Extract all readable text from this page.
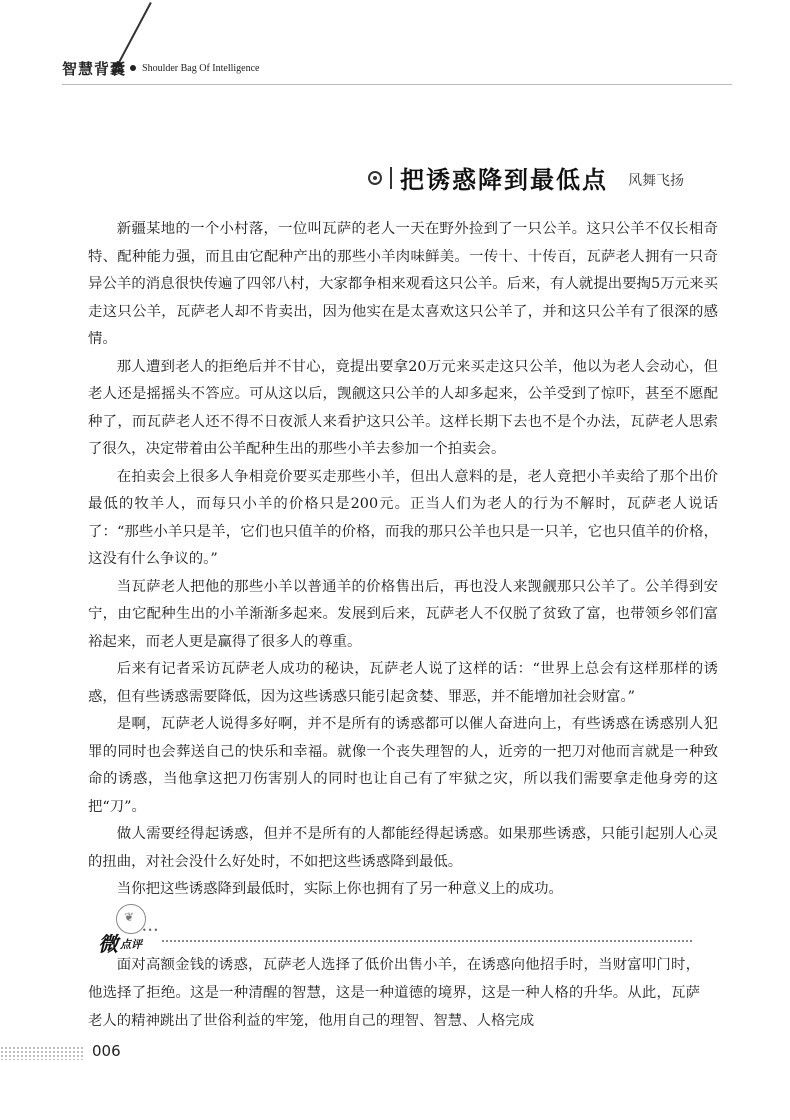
智慧背囊 Shoulder Bag Of Intelligence
把诱惑降到最低点 风舞飞扬

新疆某地的一个小村落，一位叫瓦萨的老人一天在野外捡到了一只公羊。这只公羊不仅长相奇特、配种能力强，而且由它配种产出的那些小羊肉味鲜美。一传十、十传百，瓦萨老人拥有一只奇异公羊的消息很快传遍了四邻八村，大家都争相来观看这只公羊。后来，有人就提出要掏5万元来买走这只公羊，瓦萨老人却不肯卖出，因为他实在是太喜欢这只公羊了，并和这只公羊有了很深的感情。

那人遭到老人的拒绝后并不甘心，竟提出要拿20万元来买走这只公羊，他以为老人会动心，但老人还是摇摇头不答应。可从这以后，觊觎这只公羊的人却多起来，公羊受到了惊吓，甚至不愿配种了，而瓦萨老人还不得不日夜派人来看护这只公羊。这样长期下去也不是个办法，瓦萨老人思索了很久，决定带着由公羊配种生出的那些小羊去参加一个拍卖会。

在拍卖会上很多人争相竞价要买走那些小羊，但出人意料的是，老人竟把小羊卖给了那个出价最低的牧羊人，而每只小羊的价格只是200元。正当人们为老人的行为不解时，瓦萨老人说话了：“那些小羊只是羊，它们也只值羊的价格，而我的那只公羊也只是一只羊，它也只值羊的价格，这没有什么争议的。”

当瓦萨老人把他的那些小羊以普通羊的价格售出后，再也没人来觊觎那只公羊了。公羊得到安宁，由它配种生出的小羊渐渐多起来。发展到后来，瓦萨老人不仅脱了贫致了富，也带领乡邻们富裕起来，而老人更是赢得了很多人的尊重。

后来有记者采访瓦萨老人成功的秘诀，瓦萨老人说了这样的话：“世界上总会有这样那样的诱惑，但有些诱惑需要降低，因为这些诱惑只能引起贪婪、罪恶，并不能增加社会财富。”

是啊，瓦萨老人说得多好啊，并不是所有的诱惑都可以催人奋进向上，有些诱惑在诱惑别人犯罪的同时也会葬送自己的快乐和幸福。就像一个丧失理智的人，近旁的一把刀对他而言就是一种致命的诱惑，当他拿这把刀伤害别人的同时也让自己有了牢狱之灾，所以我们需要拿走他身旁的这把“刀”。

做人需要经得起诱惑，但并不是所有的人都能经得起诱惑。如果那些诱惑，只能引起别人心灵的扭曲，对社会没什么好处时，不如把这些诱惑降到最低。

当你把这些诱惑降到最低时，实际上你也拥有了另一种意义上的成功。

❦
•••
微 点评

面对高额金钱的诱惑，瓦萨老人选择了低价出售小羊，在诱惑向他招手时，当财富叩门时，他选择了拒绝。这是一种清醒的智慧，这是一种道德的境界，这是一种人格的升华。从此，瓦萨老人的精神跳出了世俗利益的牢笼，他用自己的理智、智慧、人格完成

006
